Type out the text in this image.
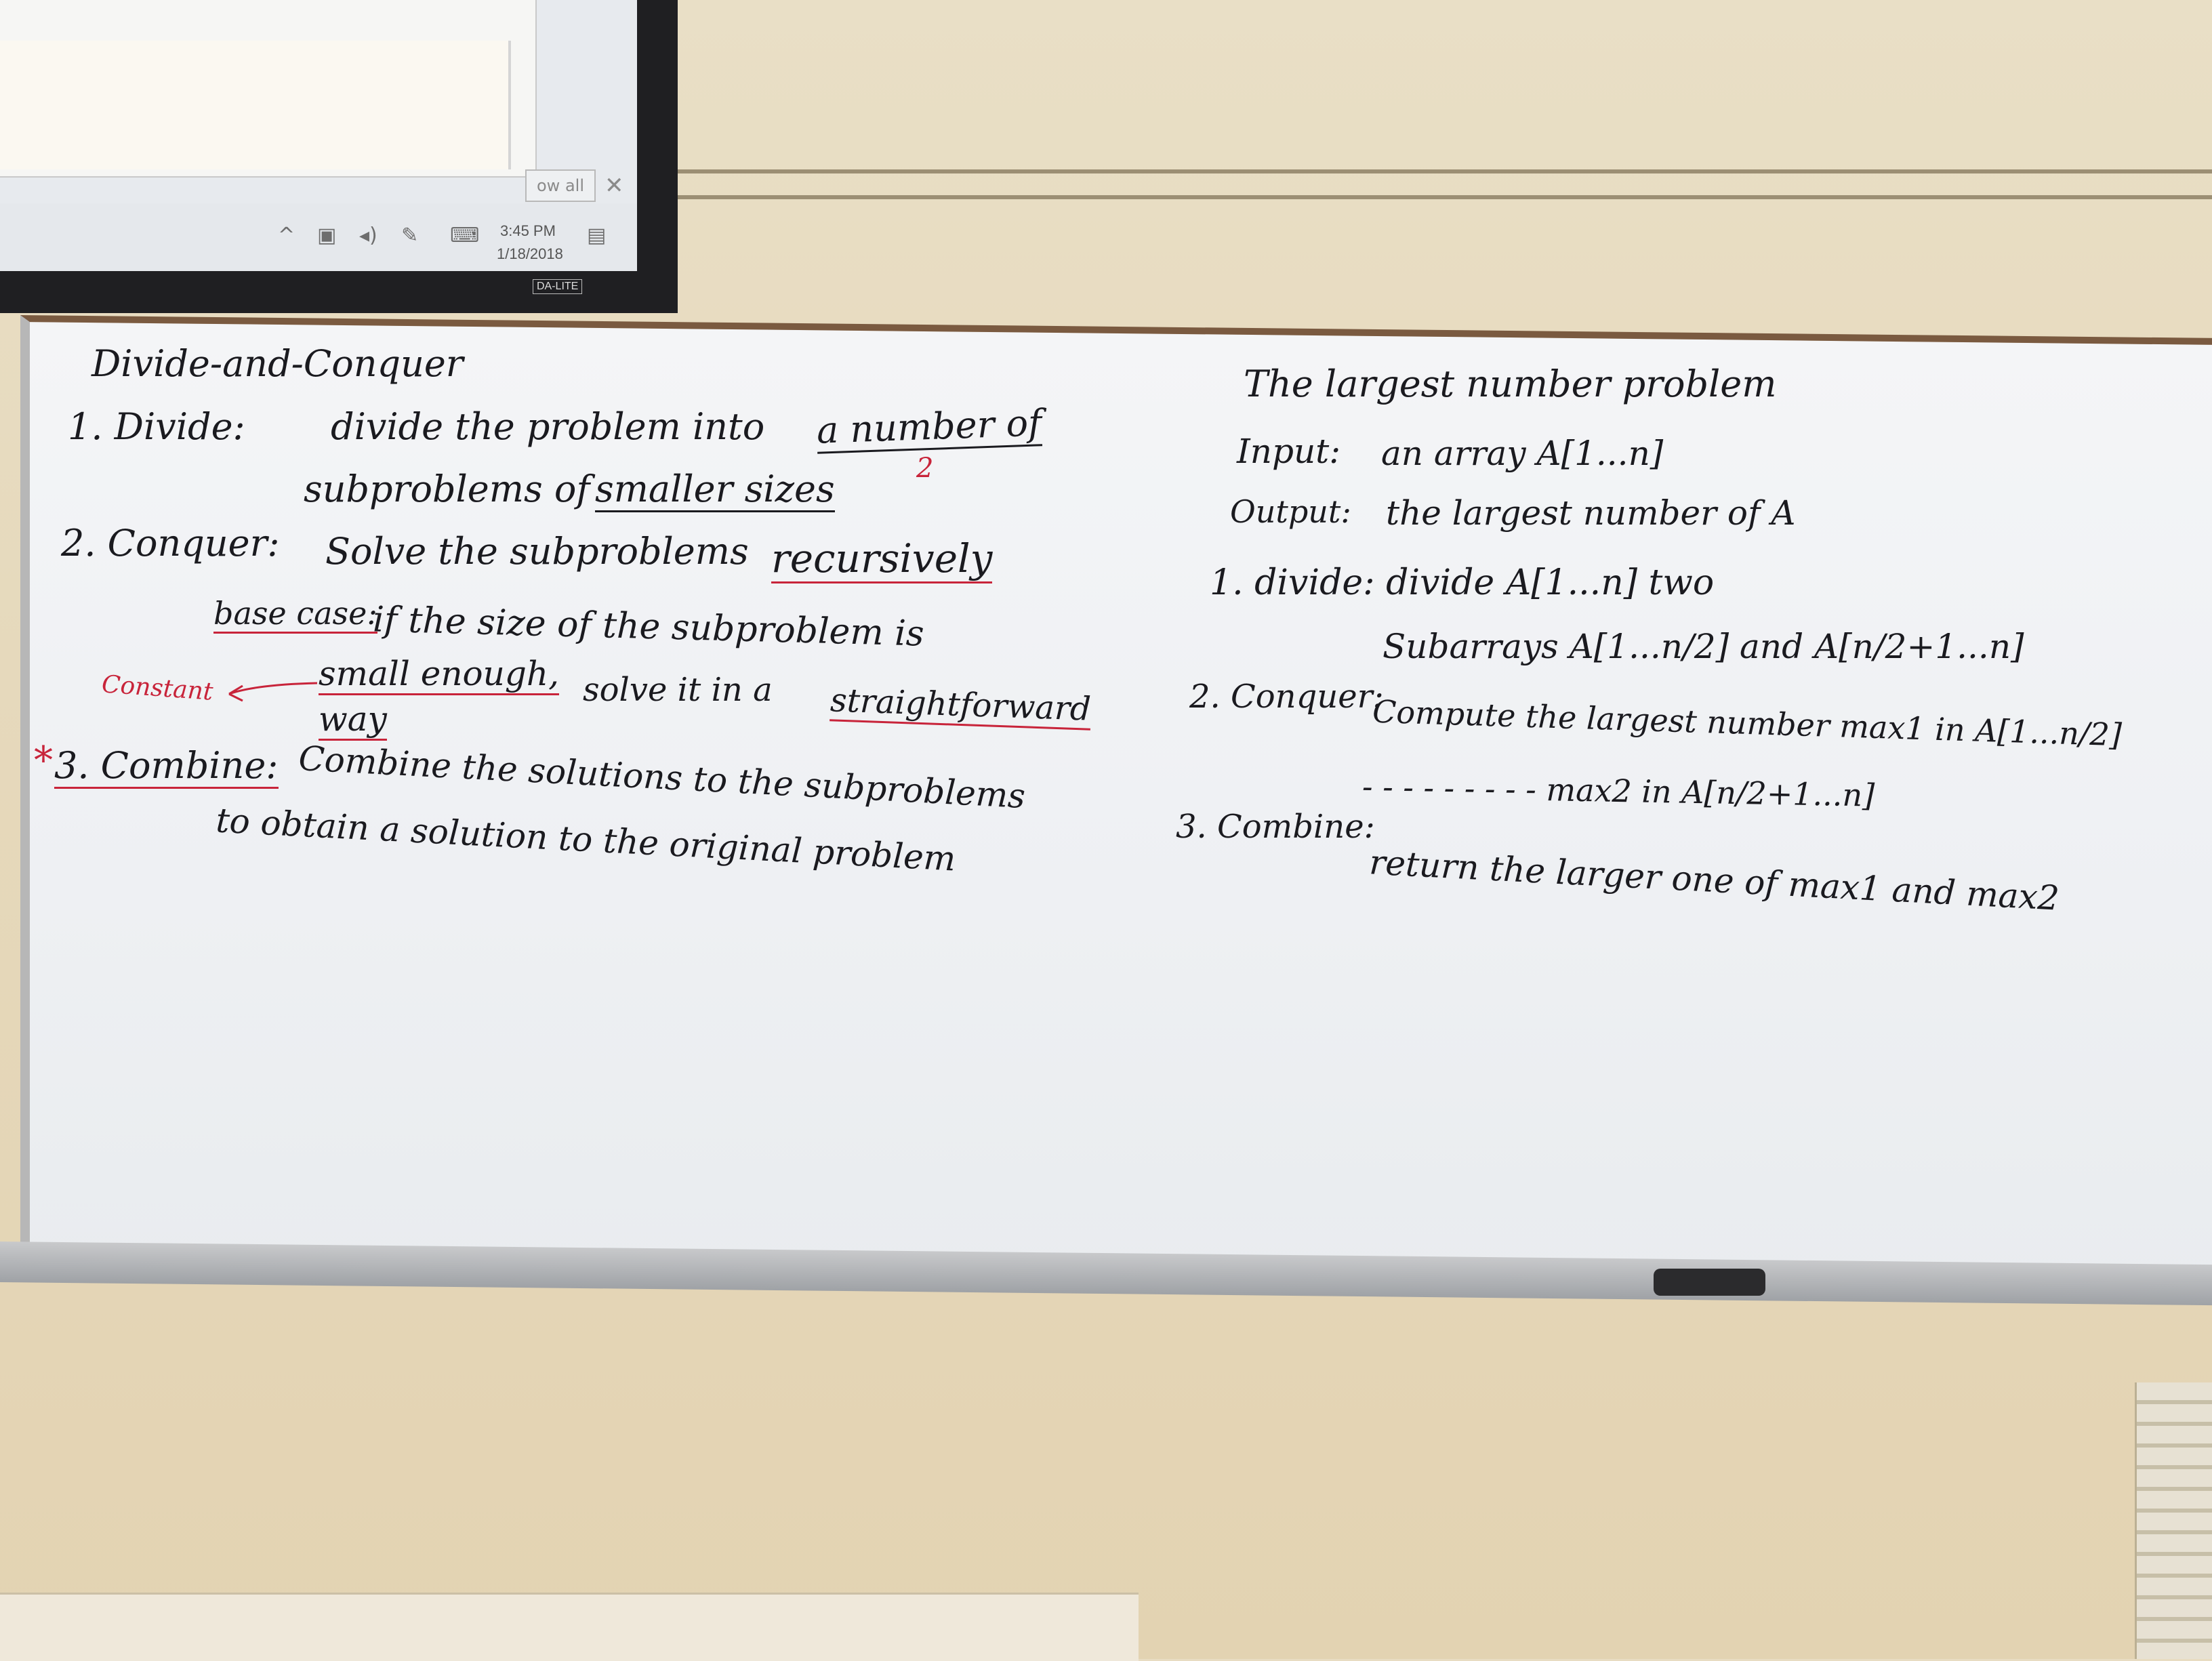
ow all ✕
^ ▣ ◂) ✎ ⌨ 3:45 PM
1/18/2018
▤
DA-LITE
Divide-and-Conquer
1. Divide: divide the problem into a number of
2
subproblems of smaller sizes
2. Conquer: Solve the subproblems recursively
base case:
if the size of the subproblem is
small enough, solve it in a straightforward
way
Constant
* 3. Combine: Combine the solutions to the subproblems
to obtain a solution to the original problem
The largest number problem
Input: an array A[1...n]
Output: the largest number of A
1. divide: divide A[1...n] two
Subarrays A[1...n/2] and A[n/2+1...n]
2. Conquer:
Compute the largest number max1 in A[1...n/2]
- - - - - - - - - max2 in A[n/2+1...n]
3. Combine:
return the larger one of max1 and max2
